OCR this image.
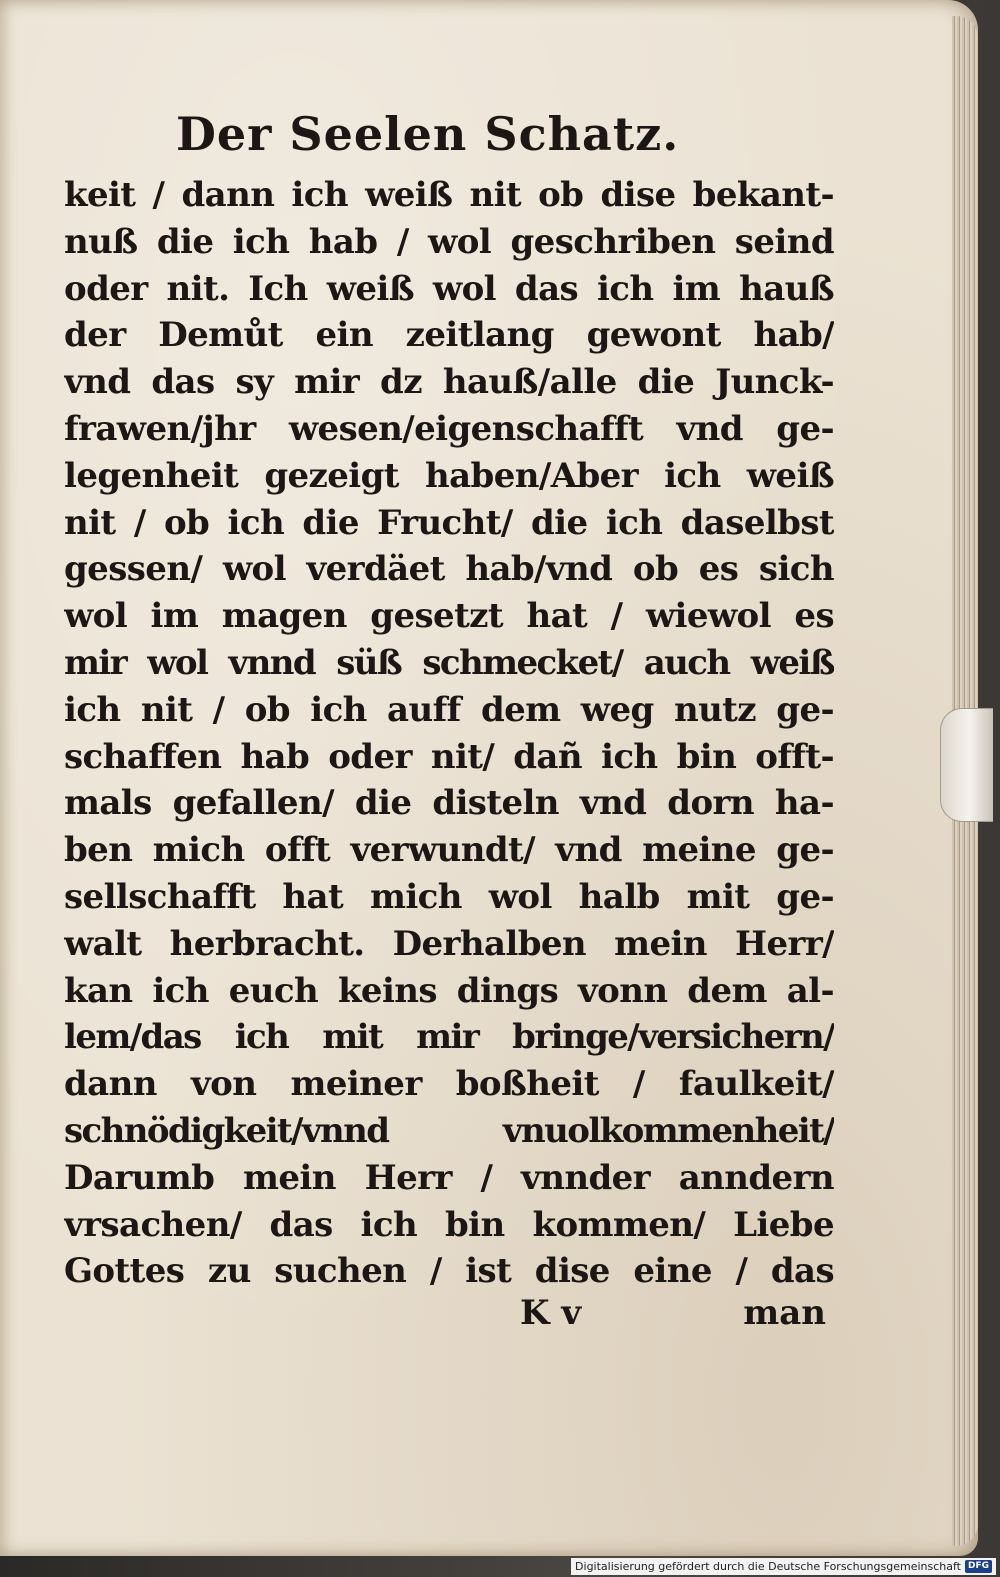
Der Seelen Schatz.
keit / dann ich weiß nit ob dise bekant-
nuß die ich hab / wol geschriben seind
oder nit. Ich weiß wol das ich im hauß
der Demůt ein zeitlang gewont hab/
vnd das sy mir dz hauß/alle die Junck-
frawen/jhr wesen/eigenschafft vnd ge-
legenheit gezeigt haben/Aber ich weiß
nit / ob ich die Frucht/ die ich daselbst
gessen/ wol verdäet hab/vnd ob es sich
wol im magen gesetzt hat / wiewol es
mir wol vnnd süß schmecket/ auch weiß
ich nit / ob ich auff dem weg nutz ge-
schaffen hab oder nit/ dañ ich bin offt-
mals gefallen/ die disteln vnd dorn ha-
ben mich offt verwundt/ vnd meine ge-
sellschafft hat mich wol halb mit ge-
walt herbracht. Derhalben mein Herr/
kan ich euch keins dings vonn dem al-
lem/das ich mit mir bringe/versichern/
dann von meiner boßheit / faulkeit/
schnödigkeit/vnnd vnuolkommenheit/
Darumb mein Herr / vnnder anndern
vrsachen/ das ich bin kommen/ Liebe
Gottes zu suchen / ist dise eine / das
K v	man
Digitalisierung gefördert durch die Deutsche Forschungsgemeinschaft DFG
